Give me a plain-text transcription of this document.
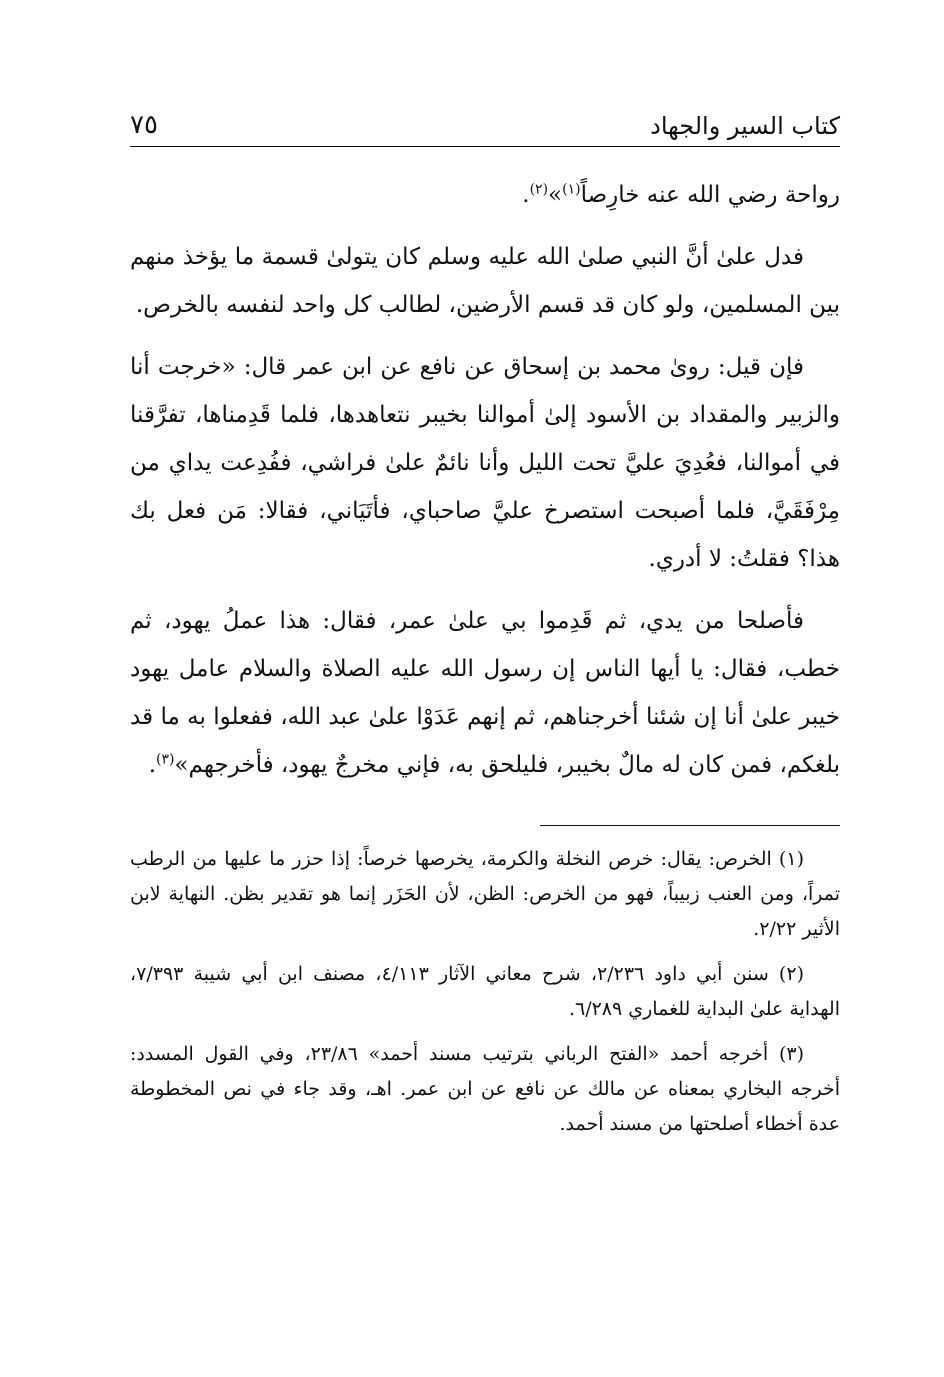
كتاب السير والجهاد
٧٥

رواحة رضي الله عنه خارِصاً$^{(١)}$»$^{(٢)}$.

فدل علىٰ أنَّ النبي صلىٰ الله عليه وسلم كان يتولىٰ قسمة ما يؤخذ منهم بين المسلمين، ولو كان قد قسم الأرضين، لطالب كل واحد لنفسه بالخرص.

فإن قيل: روىٰ محمد بن إسحاق عن نافع عن ابن عمر قال: «خرجت أنا والزبير والمقداد بن الأسود إلىٰ أموالنا بخيبر نتعاهدها، فلما قَدِمناها، تفرَّقنا في أموالنا، فعُدِيَ عليَّ تحت الليل وأنا نائمٌ علىٰ فراشي، ففُدِعت يداي من مِرْفَقَيَّ، فلما أصبحت استصرخ عليَّ صاحباي، فأتَيَاني، فقالا: مَن فعل بك هذا؟ فقلتُ: لا أدري.

فأصلحا من يدي، ثم قَدِموا بي علىٰ عمر، فقال: هذا عملُ يهود، ثم خطب، فقال: يا أيها الناس إن رسول الله عليه الصلاة والسلام عامل يهود خيبر علىٰ أنا إن شئنا أخرجناهم، ثم إنهم عَدَوْا علىٰ عبد الله، ففعلوا به ما قد بلغكم، فمن كان له مالٌ بخيبر، فليلحق به، فإني مخرجٌ يهود، فأخرجهم»$^{(٣)}$.

(١) الخرص: يقال: خرص النخلة والكرمة، يخرصها خرصاً: إذا حزر ما عليها من الرطب تمراً، ومن العنب زبيباً، فهو من الخرص: الظن، لأن الحَزَر إنما هو تقدير بظن. النهاية لابن الأثير ٢/٢٢.

(٢) سنن أبي داود ٢/٢٣٦، شرح معاني الآثار ٤/١١٣، مصنف ابن أبي شيبة ٧/٣٩٣، الهداية علىٰ البداية للغماري ٦/٢٨٩.

(٣) أخرجه أحمد «الفتح الرباني بترتيب مسند أحمد» ٢٣/٨٦، وفي القول المسدد: أخرجه البخاري بمعناه عن مالك عن نافع عن ابن عمر. اهـ، وقد جاء في نص المخطوطة عدة أخطاء أصلحتها من مسند أحمد.
